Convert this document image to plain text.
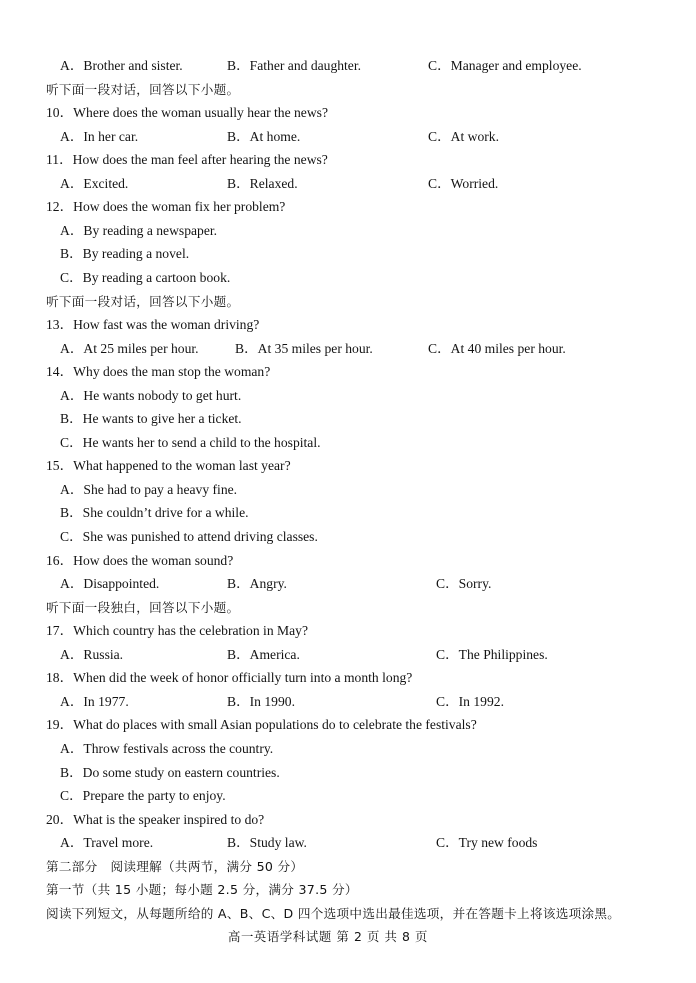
A．Brother and sister.	B．Father and daughter.	C．Manager and employee.
听下面一段对话，回答以下小题。
10．Where does the woman usually hear the news?
A．In her car.	B．At home.	C．At work.
11．How does the man feel after hearing the news?
A．Excited.	B．Relaxed.	C．Worried.
12．How does the woman fix her problem?
A．By reading a newspaper.
B．By reading a novel.
C．By reading a cartoon book.
听下面一段对话，回答以下小题。
13．How fast was the woman driving?
A．At 25 miles per hour.	B．At 35 miles per hour.	C．At 40 miles per hour.
14．Why does the man stop the woman?
A．He wants nobody to get hurt.
B．He wants to give her a ticket.
C．He wants her to send a child to the hospital.
15．What happened to the woman last year?
A．She had to pay a heavy fine.
B．She couldn’t drive for a while.
C．She was punished to attend driving classes.
16．How does the woman sound?
A．Disappointed.	B．Angry.	C．Sorry.
听下面一段独白，回答以下小题。
17．Which country has the celebration in May?
A．Russia.	B．America.	C．The Philippines.
18．When did the week of honor officially turn into a month long?
A．In 1977.	B．In 1990.	C．In 1992.
19．What do places with small Asian populations do to celebrate the festivals?
A．Throw festivals across the country.
B．Do some study on eastern countries.
C．Prepare the party to enjoy.
20．What is the speaker inspired to do?
A．Travel more.	B．Study law.	C．Try new foods
第二部分　阅读理解（共两节，满分 50 分）
第一节（共 15 小题；每小题 2.5 分，满分 37.5 分）
阅读下列短文，从每题所给的 A、B、C、D 四个选项中选出最佳选项，并在答题卡上将该选项涂黑。
高一英语学科试题 第 2 页 共 8 页
